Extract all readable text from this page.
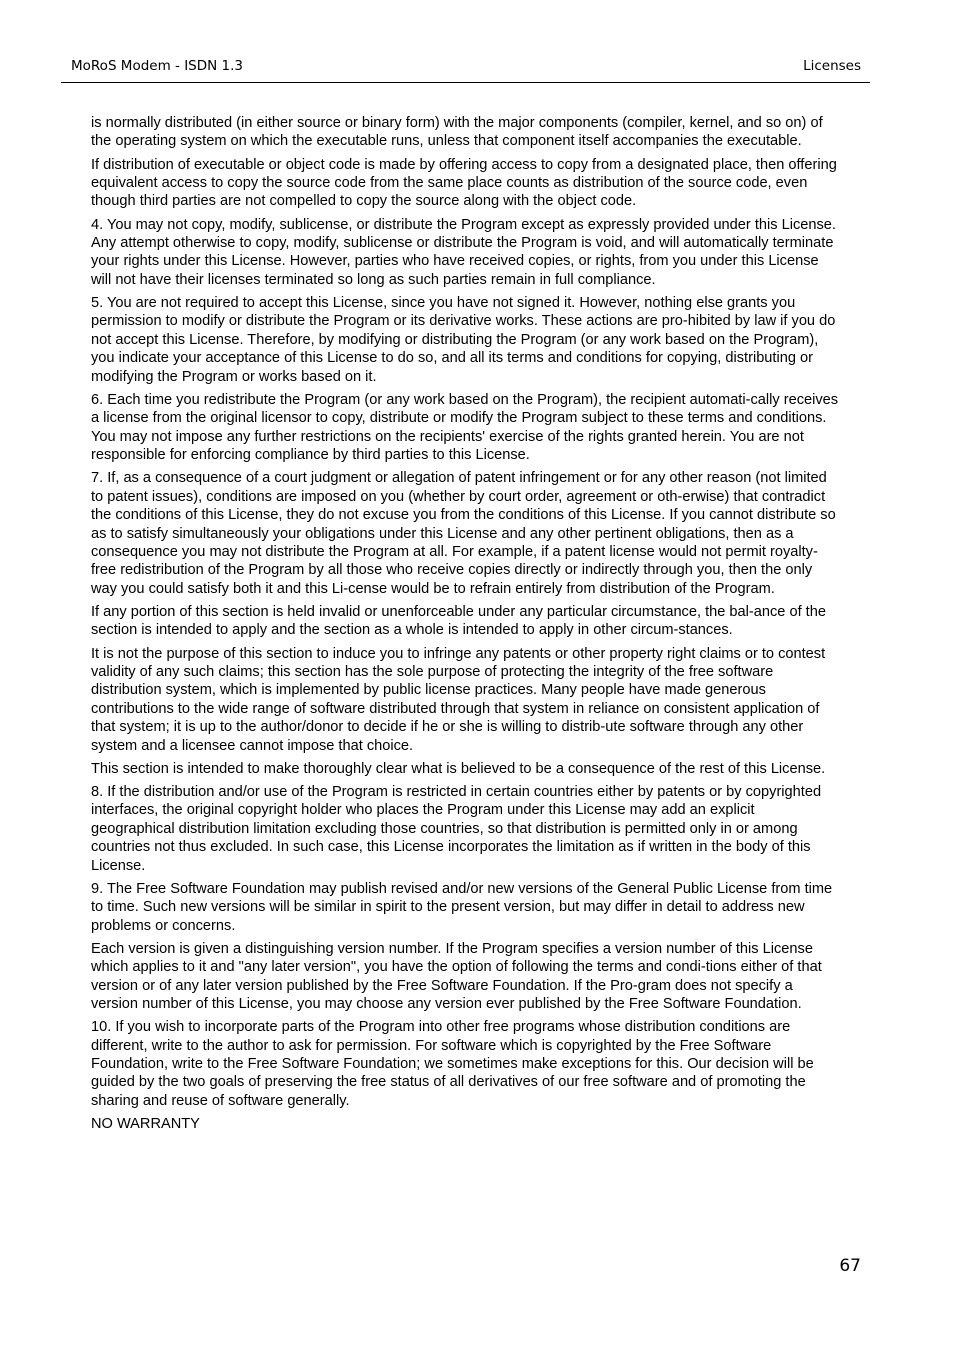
MoRoS Modem - ISDN 1.3	Licenses

is normally distributed (in either source or binary form) with the major components (compiler, kernel, and so on) of the operating system on which the executable runs, unless that component itself accompanies the executable.

If distribution of executable or object code is made by offering access to copy from a designated place, then offering equivalent access to copy the source code from the same place counts as distribution of the source code, even though third parties are not compelled to copy the source along with the object code.

4. You may not copy, modify, sublicense, or distribute the Program except as expressly provided under this License. Any attempt otherwise to copy, modify, sublicense or distribute the Program is void, and will automatically terminate your rights under this License. However, parties who have received copies, or rights, from you under this License will not have their licenses terminated so long as such parties remain in full compliance.

5. You are not required to accept this License, since you have not signed it. However, nothing else grants you permission to modify or distribute the Program or its derivative works. These actions are pro-hibited by law if you do not accept this License. Therefore, by modifying or distributing the Program (or any work based on the Program), you indicate your acceptance of this License to do so, and all its terms and conditions for copying, distributing or modifying the Program or works based on it.

6. Each time you redistribute the Program (or any work based on the Program), the recipient automati-cally receives a license from the original licensor to copy, distribute or modify the Program subject to these terms and conditions. You may not impose any further restrictions on the recipients' exercise of the rights granted herein. You are not responsible for enforcing compliance by third parties to this License.

7. If, as a consequence of a court judgment or allegation of patent infringement or for any other reason (not limited to patent issues), conditions are imposed on you (whether by court order, agreement or oth-erwise) that contradict the conditions of this License, they do not excuse you from the conditions of this License. If you cannot distribute so as to satisfy simultaneously your obligations under this License and any other pertinent obligations, then as a consequence you may not distribute the Program at all. For example, if a patent license would not permit royalty-free redistribution of the Program by all those who receive copies directly or indirectly through you, then the only way you could satisfy both it and this Li-cense would be to refrain entirely from distribution of the Program.

If any portion of this section is held invalid or unenforceable under any particular circumstance, the bal-ance of the section is intended to apply and the section as a whole is intended to apply in other circum-stances.

It is not the purpose of this section to induce you to infringe any patents or other property right claims or to contest validity of any such claims; this section has the sole purpose of protecting the integrity of the free software distribution system, which is implemented by public license practices. Many people have made generous contributions to the wide range of software distributed through that system in reliance on consistent application of that system; it is up to the author/donor to decide if he or she is willing to distrib-ute software through any other system and a licensee cannot impose that choice.

This section is intended to make thoroughly clear what is believed to be a consequence of the rest of this License.

8. If the distribution and/or use of the Program is restricted in certain countries either by patents or by copyrighted interfaces, the original copyright holder who places the Program under this License may add an explicit geographical distribution limitation excluding those countries, so that distribution is permitted only in or among countries not thus excluded. In such case, this License incorporates the limitation as if written in the body of this License.

9. The Free Software Foundation may publish revised and/or new versions of the General Public License from time to time. Such new versions will be similar in spirit to the present version, but may differ in detail to address new problems or concerns.

Each version is given a distinguishing version number. If the Program specifies a version number of this License which applies to it and "any later version", you have the option of following the terms and condi-tions either of that version or of any later version published by the Free Software Foundation. If the Pro-gram does not specify a version number of this License, you may choose any version ever published by the Free Software Foundation.

10. If you wish to incorporate parts of the Program into other free programs whose distribution conditions are different, write to the author to ask for permission. For software which is copyrighted by the Free Software Foundation, write to the Free Software Foundation; we sometimes make exceptions for this. Our decision will be guided by the two goals of preserving the free status of all derivatives of our free software and of promoting the sharing and reuse of software generally.

NO WARRANTY

67
